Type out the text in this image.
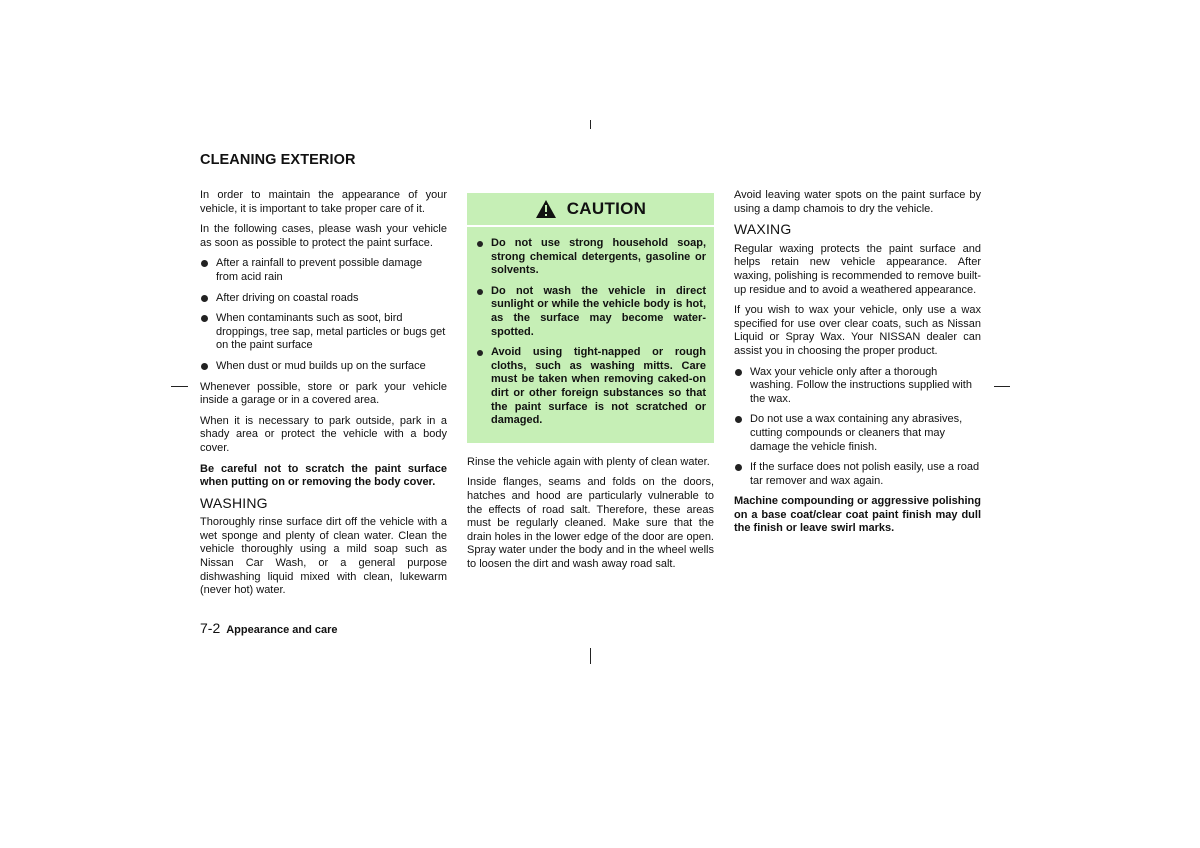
CLEANING EXTERIOR

In order to maintain the appearance of your vehicle, it is important to take proper care of it.

In the following cases, please wash your vehicle as soon as possible to protect the paint surface.

After a rainfall to prevent possible damage from acid rain
After driving on coastal roads
When contaminants such as soot, bird droppings, tree sap, metal particles or bugs get on the paint surface
When dust or mud builds up on the surface

Whenever possible, store or park your vehicle inside a garage or in a covered area.

When it is necessary to park outside, park in a shady area or protect the vehicle with a body cover.

Be careful not to scratch the paint surface when putting on or removing the body cover.

WASHING

Thoroughly rinse surface dirt off the vehicle with a wet sponge and plenty of clean water. Clean the vehicle thoroughly using a mild soap such as Nissan Car Wash, or a general purpose dishwashing liquid mixed with clean, lukewarm (never hot) water.

CAUTION
Do not use strong household soap, strong chemical detergents, gasoline or solvents.
Do not wash the vehicle in direct sunlight or while the vehicle body is hot, as the surface may become water-spotted.
Avoid using tight-napped or rough cloths, such as washing mitts. Care must be taken when removing caked-on dirt or other foreign substances so that the paint surface is not scratched or damaged.

Rinse the vehicle again with plenty of clean water.

Inside flanges, seams and folds on the doors, hatches and hood are particularly vulnerable to the effects of road salt. Therefore, these areas must be regularly cleaned. Make sure that the drain holes in the lower edge of the door are open. Spray water under the body and in the wheel wells to loosen the dirt and wash away road salt.

Avoid leaving water spots on the paint surface by using a damp chamois to dry the vehicle.

WAXING

Regular waxing protects the paint surface and helps retain new vehicle appearance. After waxing, polishing is recommended to remove built-up residue and to avoid a weathered appearance.

If you wish to wax your vehicle, only use a wax specified for use over clear coats, such as Nissan Liquid or Spray Wax. Your NISSAN dealer can assist you in choosing the proper product.

Wax your vehicle only after a thorough washing. Follow the instructions supplied with the wax.
Do not use a wax containing any abrasives, cutting compounds or cleaners that may damage the vehicle finish.
If the surface does not polish easily, use a road tar remover and wax again.

Machine compounding or aggressive polishing on a base coat/clear coat paint finish may dull the finish or leave swirl marks.

7-2 Appearance and care
